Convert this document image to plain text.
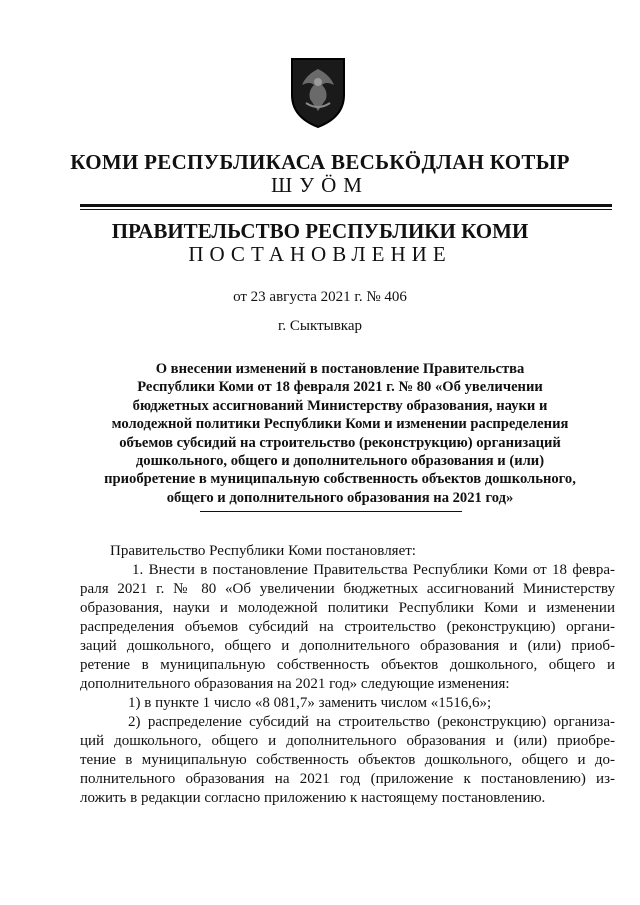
КОМИ РЕСПУБЛИКАСА ВЕСЬКӦДЛАН КОТЫР
ШУӦМ
ПРАВИТЕЛЬСТВО РЕСПУБЛИКИ КОМИ
ПОСТАНОВЛЕНИЕ
от 23 августа 2021 г. № 406
г. Сыктывкар
О внесении изменений в постановление Правительства
Республики Коми от 18 февраля 2021 г. № 80 «Об увеличении
бюджетных ассигнований Министерству образования, науки и
молодежной политики Республики Коми и изменении распределения
объемов субсидий на строительство (реконструкцию) организаций
дошкольного, общего и дополнительного образования и (или)
приобретение в муниципальную собственность объектов дошкольного,
общего и дополнительного образования на 2021 год»
Правительство Республики Коми постановляет:
1. Внести в постановление Правительства Республики Коми от 18 февра-
раля 2021 г. № 80 «Об увеличении бюджетных ассигнований Министерству
образования, науки и молодежной политики Республики Коми и изменении
распределения объемов субсидий на строительство (реконструкцию) органи-
заций дошкольного, общего и дополнительного образования и (или) приоб-
ретение в муниципальную собственность объектов дошкольного, общего и
дополнительного образования на 2021 год» следующие изменения:
1) в пункте 1 число «8 081,7» заменить числом «1516,6»;
2) распределение субсидий на строительство (реконструкцию) организа-
ций дошкольного, общего и дополнительного образования и (или) приобре-
тение в муниципальную собственность объектов дошкольного, общего и до-
полнительного образования на 2021 год (приложение к постановлению) из-
ложить в редакции согласно приложению к настоящему постановлению.
